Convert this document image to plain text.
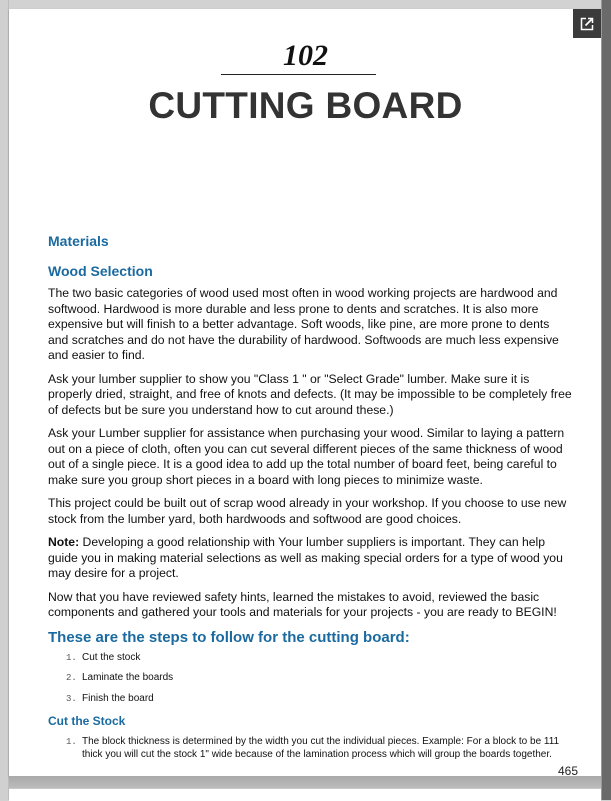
102
CUTTING BOARD
Materials
Wood Selection

The two basic categories of wood used most often in wood working projects are hardwood and softwood. Hardwood is more durable and less prone to dents and scratches. It is also more expensive but will finish to a better advantage. Soft woods, like pine, are more prone to dents and scratches and do not have the durability of hardwood. Softwoods are much less expensive and easier to find.

Ask your lumber supplier to show you "Class 1 " or "Select Grade" lumber. Make sure it is properly dried, straight, and free of knots and defects. (It may be impossible to be completely free of defects but be sure you understand how to cut around these.)

Ask your Lumber supplier for assistance when purchasing your wood. Similar to laying a pattern out on a piece of cloth, often you can cut several different pieces of the same thickness of wood out of a single piece. It is a good idea to add up the total number of board feet, being careful to make sure you group short pieces in a board with long pieces to minimize waste.

This project could be built out of scrap wood already in your workshop. If you choose to use new stock from the lumber yard, both hardwoods and softwood are good choices.

Note: Developing a good relationship with Your lumber suppliers is important. They can help guide you in making material selections as well as making special orders for a type of wood you may desire for a project.

Now that you have reviewed safety hints, learned the mistakes to avoid, reviewed the basic components and gathered your tools and materials for your projects - you are ready to BEGIN!

These are the steps to follow for the cutting board:
1. Cut the stock
2. Laminate the boards
3. Finish the board
Cut the Stock
1. The block thickness is determined by the width you cut the individual pieces. Example: For a block to be 111 thick you will cut the stock 1" wide because of the lamination process which will group the boards together.
465
